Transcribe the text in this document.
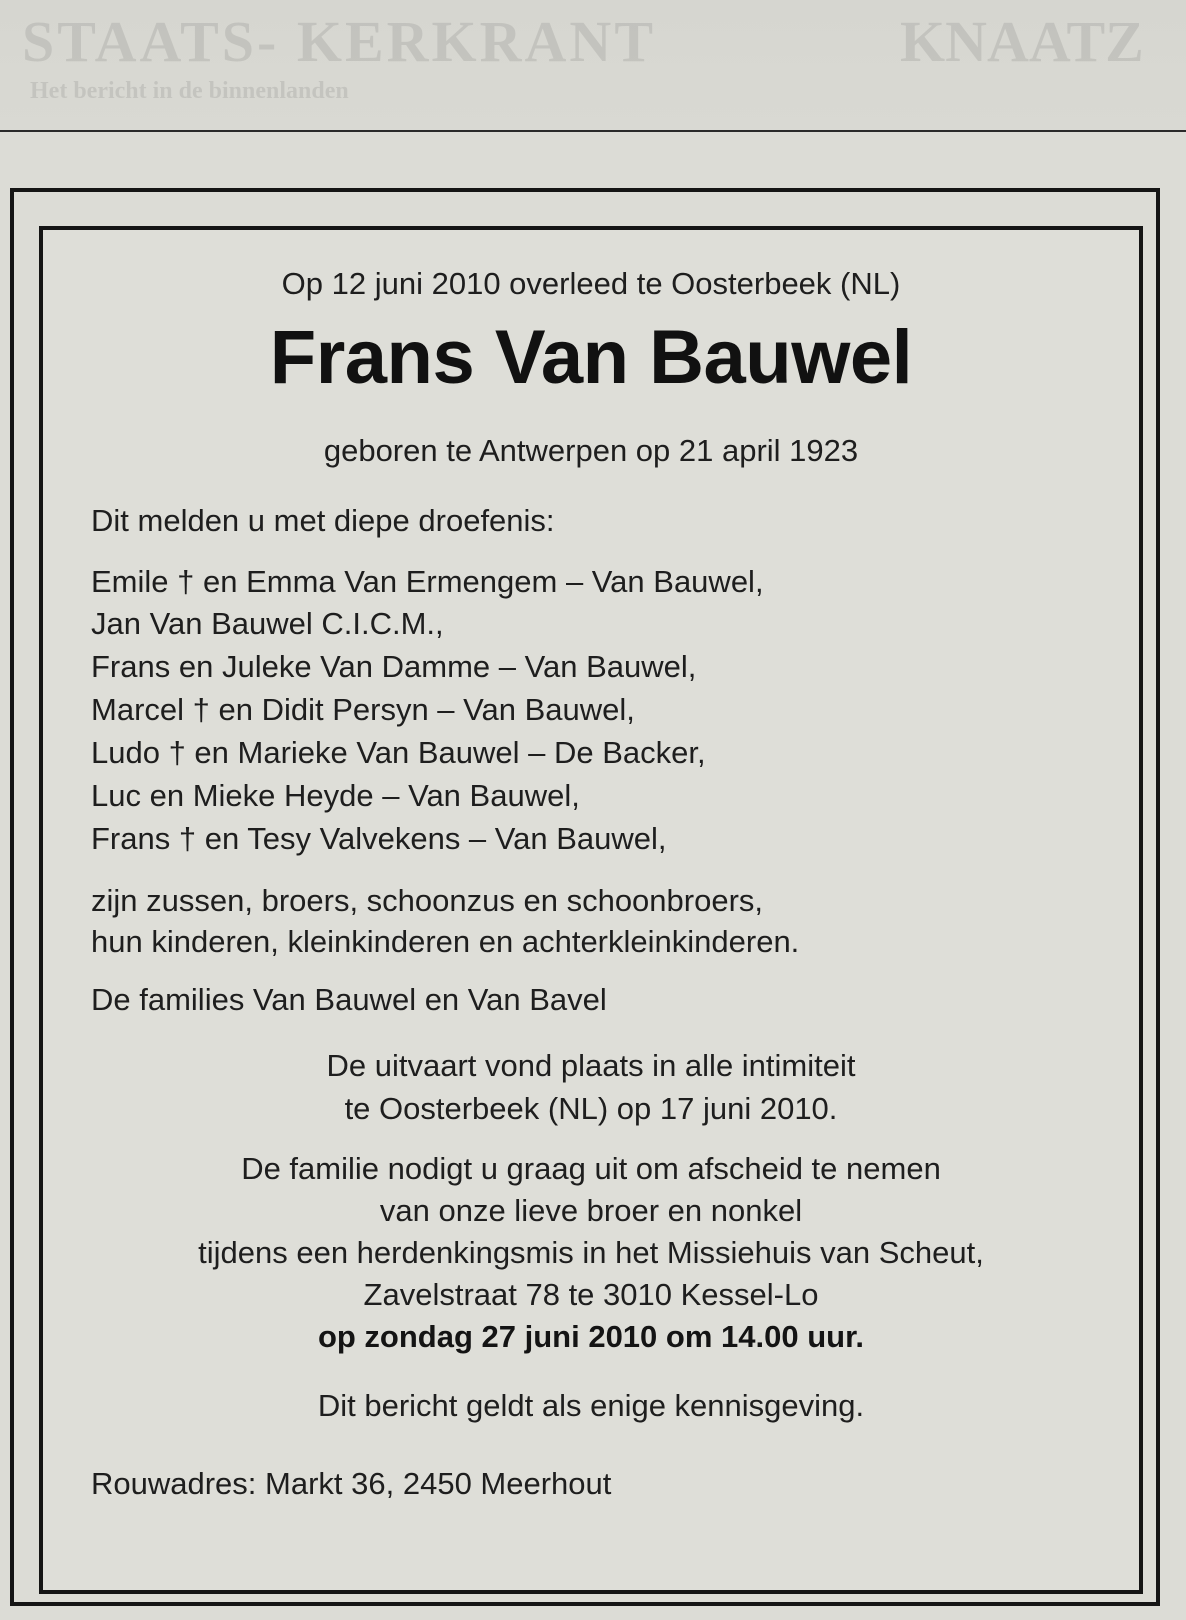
STAATS- KERKRANT
Het bericht in de binnenlanden
KNAATZ
Op 12 juni 2010 overleed te Oosterbeek (NL)
Frans Van Bauwel
geboren te Antwerpen op 21 april 1923
Dit melden u met diepe droefenis:
Emile † en Emma Van Ermengem – Van Bauwel,
Jan Van Bauwel C.I.C.M.,
Frans en Juleke Van Damme – Van Bauwel,
Marcel † en Didit Persyn – Van Bauwel,
Ludo † en Marieke Van Bauwel – De Backer,
Luc en Mieke Heyde – Van Bauwel,
Frans † en Tesy Valvekens – Van Bauwel,
zijn zussen, broers, schoonzus en schoonbroers,
hun kinderen, kleinkinderen en achterkleinkinderen.
De families Van Bauwel en Van Bavel
De uitvaart vond plaats in alle intimiteit
te Oosterbeek (NL) op 17 juni 2010.
De familie nodigt u graag uit om afscheid te nemen
van onze lieve broer en nonkel
tijdens een herdenkingsmis in het Missiehuis van Scheut,
Zavelstraat 78 te 3010 Kessel-Lo
op zondag 27 juni 2010 om 14.00 uur.
Dit bericht geldt als enige kennisgeving.
Rouwadres: Markt 36, 2450 Meerhout
